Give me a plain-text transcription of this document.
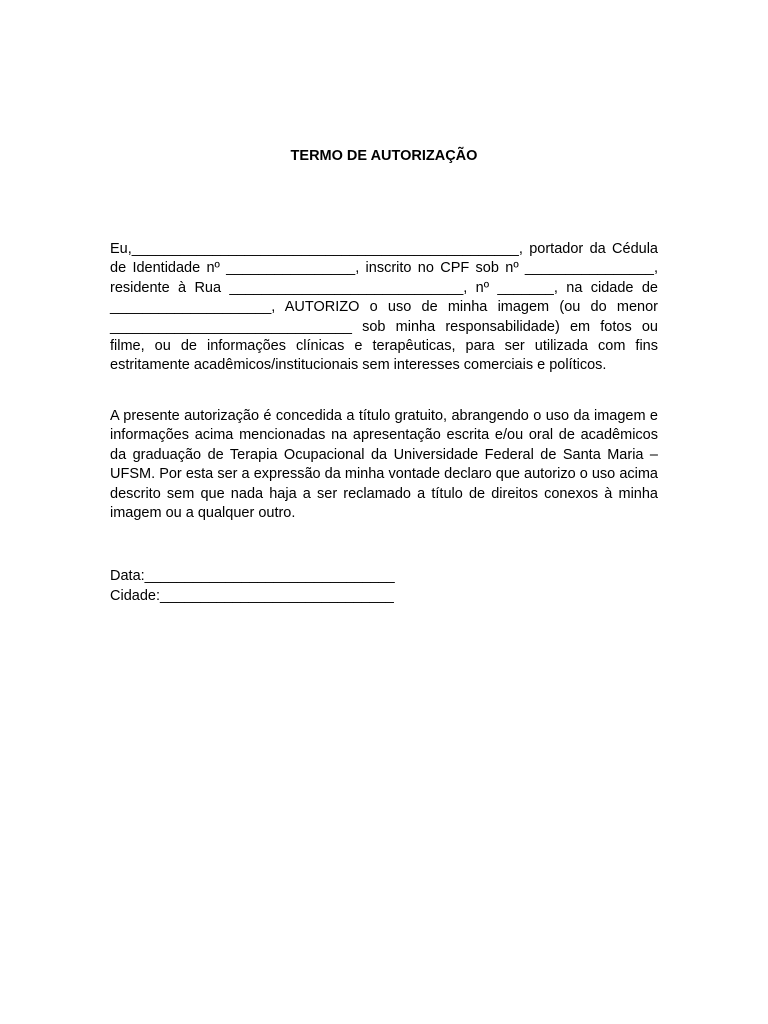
TERMO DE AUTORIZAÇÃO

Eu,________________________________________________, portador da Cédula de Identidade nº ________________, inscrito no CPF sob nº ________________, residente à Rua _____________________________, nº _______, na cidade de ____________________, AUTORIZO o uso de minha imagem (ou do menor ______________________________ sob minha responsabilidade) em fotos ou filme, ou de informações clínicas e terapêuticas, para ser utilizada com fins estritamente acadêmicos/institucionais sem interesses comerciais e políticos.

A presente autorização é concedida a título gratuito, abrangendo o uso da imagem e informações acima mencionadas na apresentação escrita e/ou oral de acadêmicos da graduação de Terapia Ocupacional da Universidade Federal de Santa Maria – UFSM. Por esta ser a expressão da minha vontade declaro que autorizo o uso acima descrito sem que nada haja a ser reclamado a título de direitos conexos à minha imagem ou a qualquer outro.

Data:_______________________________

Cidade:_____________________________
